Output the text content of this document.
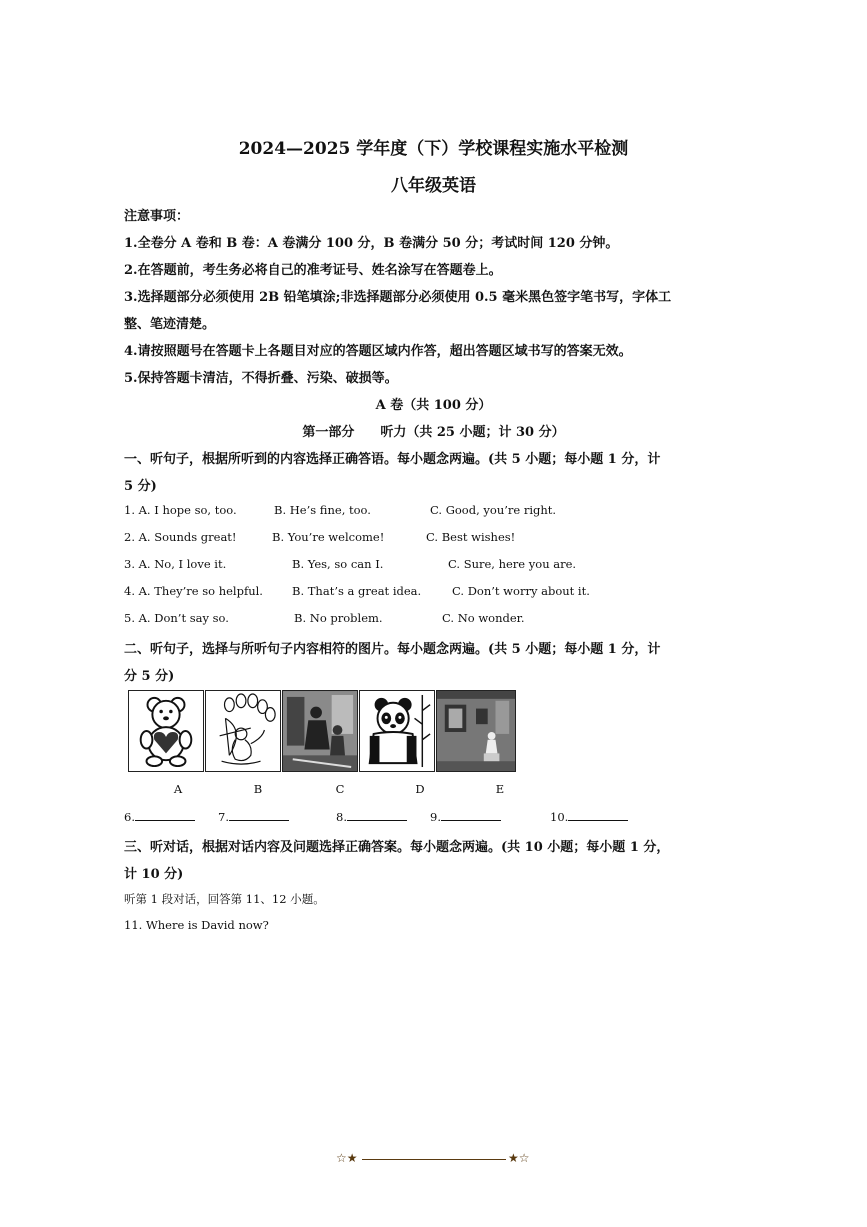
2024—2025 学年度（下）学校课程实施水平检测
八年级英语
注意事项：
1.全卷分 A 卷和 B 卷：A 卷满分 100 分，B 卷满分 50 分；考试时间 120 分钟。
2.在答题前，考生务必将自己的准考证号、姓名涂写在答题卷上。
3.选择题部分必须使用 2B 铅笔填涂;非选择题部分必须使用 0.5 毫米黑色签字笔书写，字体工
整、笔迹清楚。
4.请按照题号在答题卡上各题目对应的答题区域内作答，超出答题区域书写的答案无效。
5.保持答题卡清洁，不得折叠、污染、破损等。
A 卷（共 100 分）
第一部分　　听力（共 25 小题；计 30 分）
一、听句子，根据所听到的内容选择正确答语。每小题念两遍。(共 5 小题；每小题 1 分，计
5 分)
1. A. I hope so, too.	B. He’s fine, too.	C. Good, you’re right.
2. A. Sounds great!	B. You’re welcome!	C. Best wishes!
3. A. No, I love it.	B. Yes, so can I.	C. Sure, here you are.
4. A. They’re so helpful.	B. That’s a great idea.	C. Don’t worry about it.
5. A. Don’t say so.	B. No problem.	C. No wonder.
二、听句子，选择与所听句子内容相符的图片。每小题念两遍。(共 5 小题；每小题 1 分，计
分 5 分)
A	B	C	D	E
6.	7.	8.	9.	10.
三、听对话，根据对话内容及问题选择正确答案。每小题念两遍。(共 10 小题；每小题 1 分，
计 10 分)
听第 1 段对话，回答第 11、12 小题。
11. Where is David now?
☆★	★☆
